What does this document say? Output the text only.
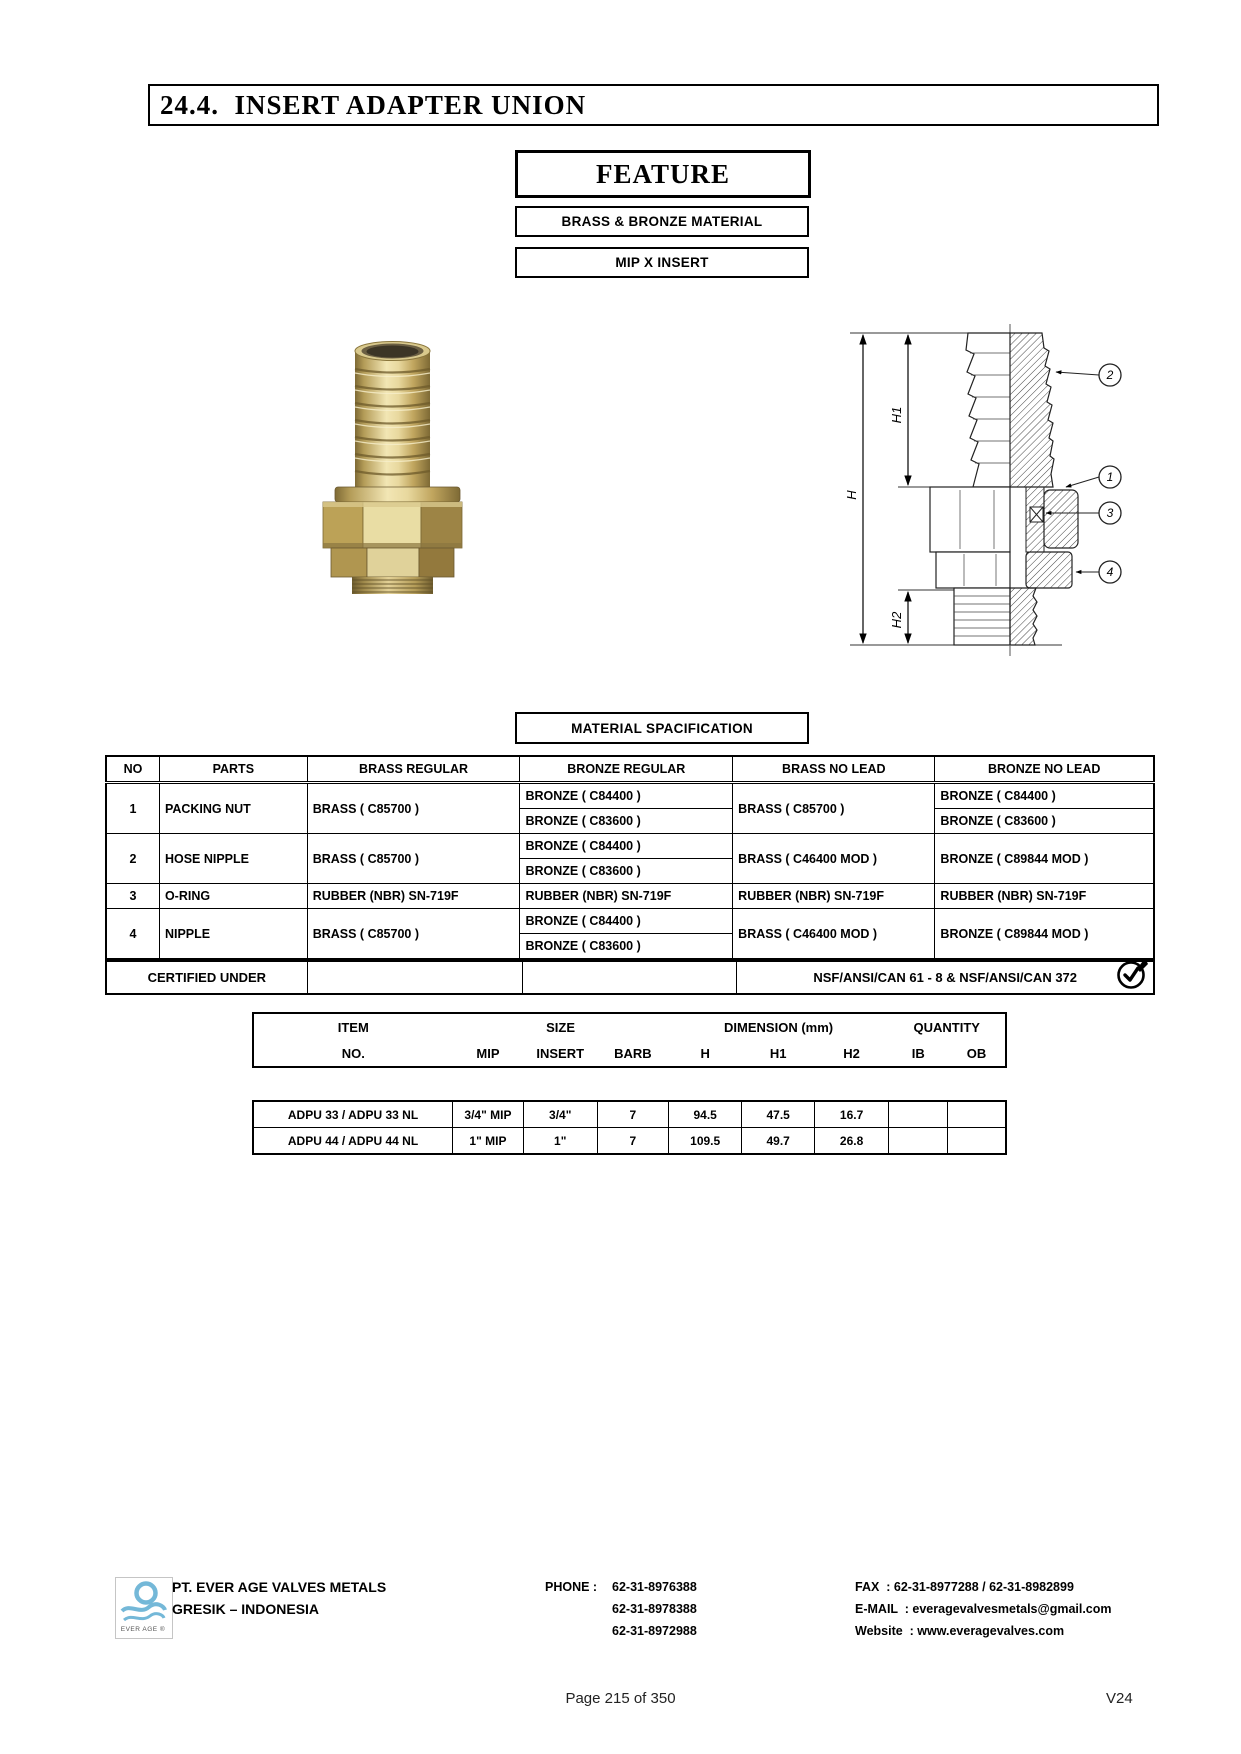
24.4.  INSERT ADAPTER UNION
FEATURE
BRASS & BRONZE MATERIAL
MIP X INSERT
H
H1
H2
2
1
3
4
MATERIAL SPACIFICATION
NO	PARTS	BRASS REGULAR	BRONZE REGULAR	BRASS NO LEAD	BRONZE NO LEAD
1	PACKING NUT	BRASS ( C85700 )	BRONZE ( C84400 )	BRASS ( C85700 )	BRONZE ( C84400 )
			BRONZE ( C83600 )		BRONZE ( C83600 )
2	HOSE NIPPLE	BRASS ( C85700 )	BRONZE ( C84400 )	BRASS ( C46400 MOD )	BRONZE ( C89844 MOD )
			BRONZE ( C83600 )		
3	O-RING	RUBBER (NBR) SN-719F	RUBBER (NBR) SN-719F	RUBBER (NBR) SN-719F	RUBBER (NBR) SN-719F
4	NIPPLE	BRASS ( C85700 )	BRONZE ( C84400 )	BRASS ( C46400 MOD )	BRONZE ( C89844 MOD )
			BRONZE ( C83600 )		
CERTIFIED UNDER			NSF/ANSI/CAN 61 - 8 & NSF/ANSI/CAN 372
ITEM	SIZE			DIMENSION (mm)			QUANTITY	
NO.	MIP	INSERT	BARB	H	H1	H2	IB	OB
ADPU 33 / ADPU 33 NL	3/4" MIP	3/4"	7	94.5	47.5	16.7		
ADPU 44 / ADPU 44 NL	1" MIP	1"	7	109.5	49.7	26.8		
EVER AGE ®
PT. EVER AGE VALVES METALS
GRESIK – INDONESIA
PHONE : 62-31-8976388
62-31-8978388
62-31-8972988
FAX  : 62-31-8977288 / 62-31-8982899
E-MAIL  : everagevalvesmetals@gmail.com
Website  : www.everagevalves.com
Page 215 of 350	V24
